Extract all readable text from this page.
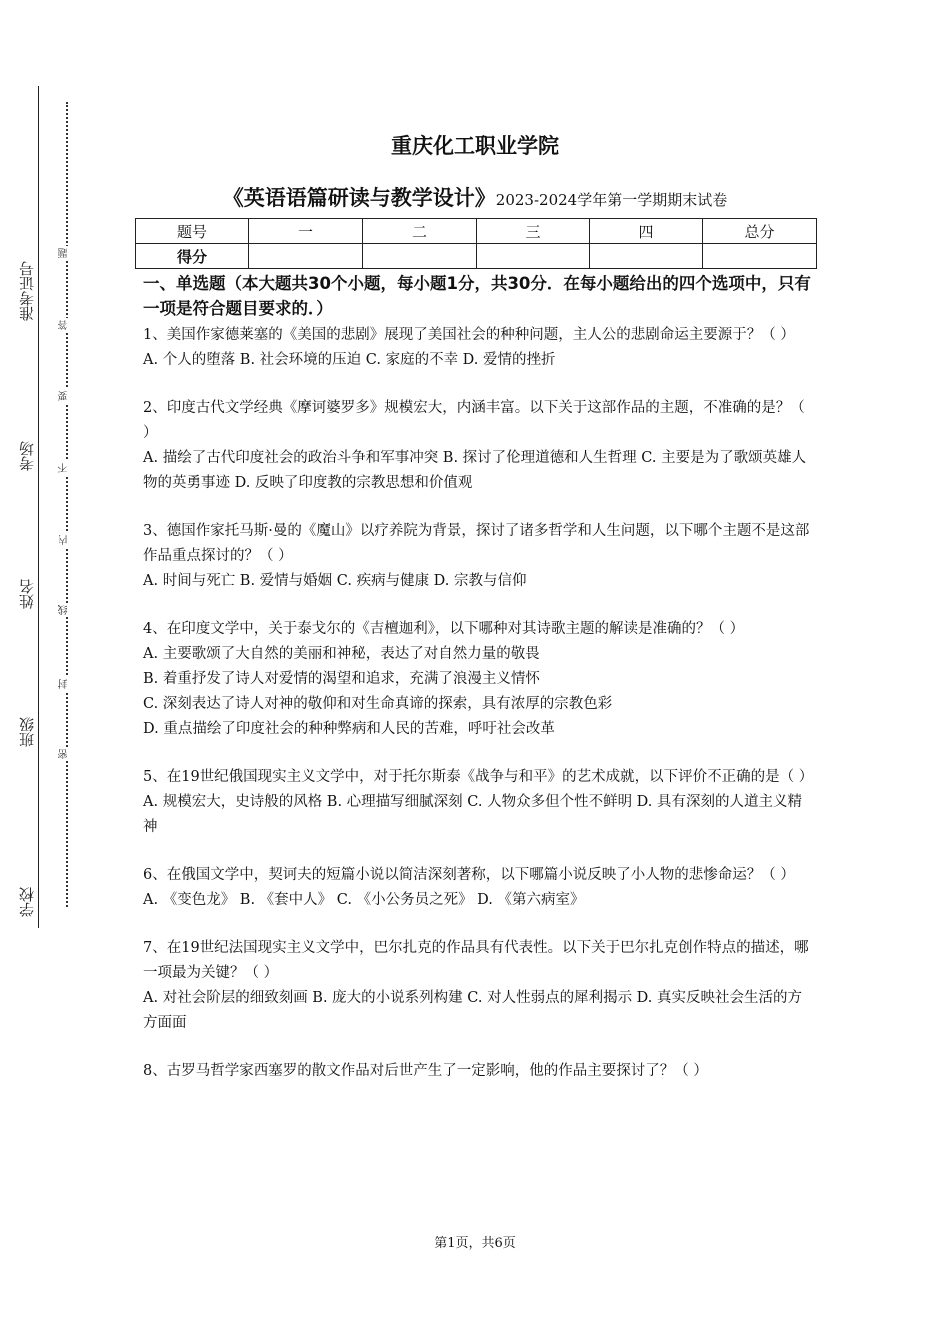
学校
班级
姓名
考场
准考证号
密
封
线
内
不
要
答
题
重庆化工职业学院
《英语语篇研读与教学设计》2023-2024学年第一学期期末试卷
题号	一	二	三	四	总分
得分					
一、单选题（本大题共30个小题，每小题1分，共30分．在每小题给出的四个选项中，只有一项是符合题目要求的．）

1、美国作家德莱塞的《美国的悲剧》展现了美国社会的种种问题，主人公的悲剧命运主要源于？（ ）

A. 个人的堕落 B. 社会环境的压迫 C. 家庭的不幸 D. 爱情的挫折

2、印度古代文学经典《摩诃婆罗多》规模宏大，内涵丰富。以下关于这部作品的主题，不准确的是？（ ）

A. 描绘了古代印度社会的政治斗争和军事冲突 B. 探讨了伦理道德和人生哲理 C. 主要是为了歌颂英雄人物的英勇事迹 D. 反映了印度教的宗教思想和价值观

3、德国作家托马斯·曼的《魔山》以疗养院为背景，探讨了诸多哲学和人生问题，以下哪个主题不是这部作品重点探讨的？（ ）

A. 时间与死亡 B. 爱情与婚姻 C. 疾病与健康 D. 宗教与信仰

4、在印度文学中，关于泰戈尔的《吉檀迦利》，以下哪种对其诗歌主题的解读是准确的？（ ）

A. 主要歌颂了大自然的美丽和神秘，表达了对自然力量的敬畏

B. 着重抒发了诗人对爱情的渴望和追求，充满了浪漫主义情怀

C. 深刻表达了诗人对神的敬仰和对生命真谛的探索，具有浓厚的宗教色彩

D. 重点描绘了印度社会的种种弊病和人民的苦难，呼吁社会改革

5、在19世纪俄国现实主义文学中，对于托尔斯泰《战争与和平》的艺术成就，以下评价不正确的是（ ）

A. 规模宏大，史诗般的风格 B. 心理描写细腻深刻 C. 人物众多但个性不鲜明 D. 具有深刻的人道主义精神

6、在俄国文学中，契诃夫的短篇小说以简洁深刻著称，以下哪篇小说反映了小人物的悲惨命运？（ ）

A. 《变色龙》 B. 《套中人》 C. 《小公务员之死》 D. 《第六病室》

7、在19世纪法国现实主义文学中，巴尔扎克的作品具有代表性。以下关于巴尔扎克创作特点的描述，哪一项最为关键？（ ）

A. 对社会阶层的细致刻画 B. 庞大的小说系列构建 C. 对人性弱点的犀利揭示 D. 真实反映社会生活的方方面面

8、古罗马哲学家西塞罗的散文作品对后世产生了一定影响，他的作品主要探讨了？（ ）

第1页，共6页
